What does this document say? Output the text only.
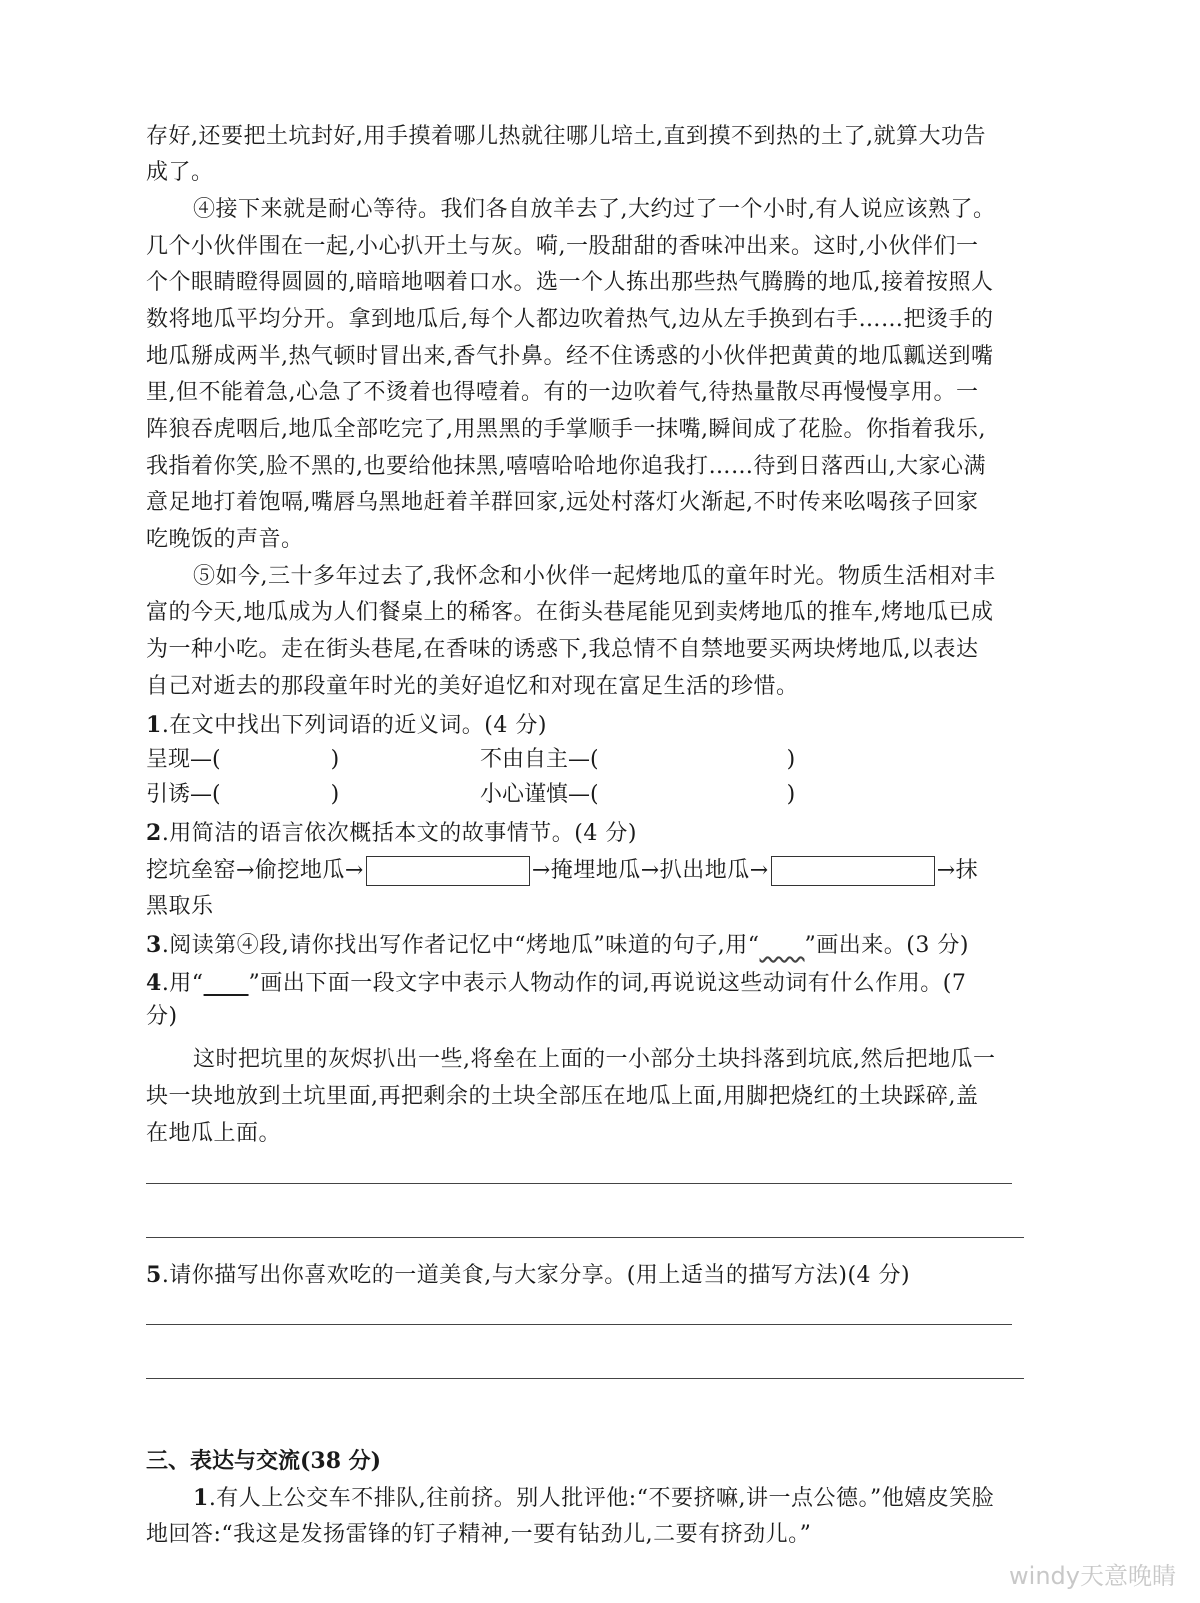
存好,还要把土坑封好,用手摸着哪儿热就往哪儿培土,直到摸不到热的土了,就算大功告
成了。
④接下来就是耐心等待。我们各自放羊去了,大约过了一个小时,有人说应该熟了。
几个小伙伴围在一起,小心扒开土与灰。嗬,一股甜甜的香味冲出来。这时,小伙伴们一
个个眼睛瞪得圆圆的,暗暗地咽着口水。选一个人拣出那些热气腾腾的地瓜,接着按照人
数将地瓜平均分开。拿到地瓜后,每个人都边吹着热气,边从左手换到右手……把烫手的
地瓜掰成两半,热气顿时冒出来,香气扑鼻。经不住诱惑的小伙伴把黄黄的地瓜瓤送到嘴
里,但不能着急,心急了不烫着也得噎着。有的一边吹着气,待热量散尽再慢慢享用。一
阵狼吞虎咽后,地瓜全部吃完了,用黑黑的手掌顺手一抹嘴,瞬间成了花脸。你指着我乐,
我指着你笑,脸不黑的,也要给他抹黑,嘻嘻哈哈地你追我打……待到日落西山,大家心满
意足地打着饱嗝,嘴唇乌黑地赶着羊群回家,远处村落灯火渐起,不时传来吆喝孩子回家
吃晚饭的声音。
⑤如今,三十多年过去了,我怀念和小伙伴一起烤地瓜的童年时光。物质生活相对丰
富的今天,地瓜成为人们餐桌上的稀客。在街头巷尾能见到卖烤地瓜的推车,烤地瓜已成
为一种小吃。走在街头巷尾,在香味的诱惑下,我总情不自禁地要买两块烤地瓜,以表达
自己对逝去的那段童年时光的美好追忆和对现在富足生活的珍惜。
1.在文中找出下列词语的近义词。(4 分)
呈现—(	)	不由自主—(	)
引诱—(	)	小心谨慎—(	)
2.用简洁的语言依次概括本文的故事情节。(4 分)
挖坑垒窑→偷挖地瓜→	→掩埋地瓜→扒出地瓜→	→抹
黑取乐
3.阅读第④段,请你找出写作者记忆中“烤地瓜”味道的句子,用“ ”画出来。(3 分)
4.用“ ”画出下面一段文字中表示人物动作的词,再说说这些动词有什么作用。(7
分)
这时把坑里的灰烬扒出一些,将垒在上面的一小部分土块抖落到坑底,然后把地瓜一
块一块地放到土坑里面,再把剩余的土块全部压在地瓜上面,用脚把烧红的土块踩碎,盖
在地瓜上面。
5.请你描写出你喜欢吃的一道美食,与大家分享。(用上适当的描写方法)(4 分)
三、表达与交流(38 分)
1.有人上公交车不排队,往前挤。别人批评他:“不要挤嘛,讲一点公德。”他嬉皮笑脸
地回答:“我这是发扬雷锋的钉子精神,一要有钻劲儿,二要有挤劲儿。”
windy天意晚睛
